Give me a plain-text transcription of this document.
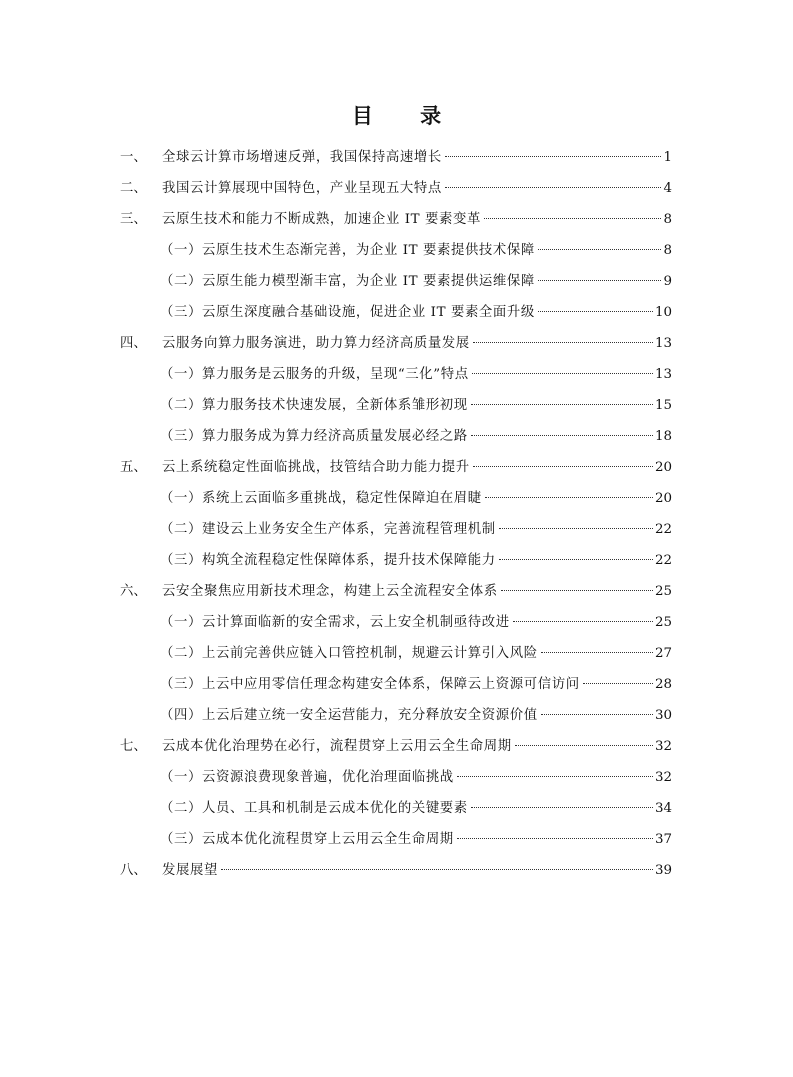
目 录
一、	全球云计算市场增速反弹，我国保持高速增长	1
二、	我国云计算展现中国特色，产业呈现五大特点	4
三、	云原生技术和能力不断成熟，加速企业 IT 要素变革	8
（一）云原生技术生态渐完善，为企业 IT 要素提供技术保障	8
（二）云原生能力模型渐丰富，为企业 IT 要素提供运维保障	9
（三）云原生深度融合基础设施，促进企业 IT 要素全面升级	10
四、	云服务向算力服务演进，助力算力经济高质量发展	13
（一）算力服务是云服务的升级，呈现“三化”特点	13
（二）算力服务技术快速发展，全新体系雏形初现	15
（三）算力服务成为算力经济高质量发展必经之路	18
五、	云上系统稳定性面临挑战，技管结合助力能力提升	20
（一）系统上云面临多重挑战，稳定性保障迫在眉睫	20
（二）建设云上业务安全生产体系，完善流程管理机制	22
（三）构筑全流程稳定性保障体系，提升技术保障能力	22
六、	云安全聚焦应用新技术理念，构建上云全流程安全体系	25
（一）云计算面临新的安全需求，云上安全机制亟待改进	25
（二）上云前完善供应链入口管控机制，规避云计算引入风险	27
（三）上云中应用零信任理念构建安全体系，保障云上资源可信访问	28
（四）上云后建立统一安全运营能力，充分释放安全资源价值	30
七、	云成本优化治理势在必行，流程贯穿上云用云全生命周期	32
（一）云资源浪费现象普遍，优化治理面临挑战	32
（二）人员、工具和机制是云成本优化的关键要素	34
（三）云成本优化流程贯穿上云用云全生命周期	37
八、	发展展望	39
